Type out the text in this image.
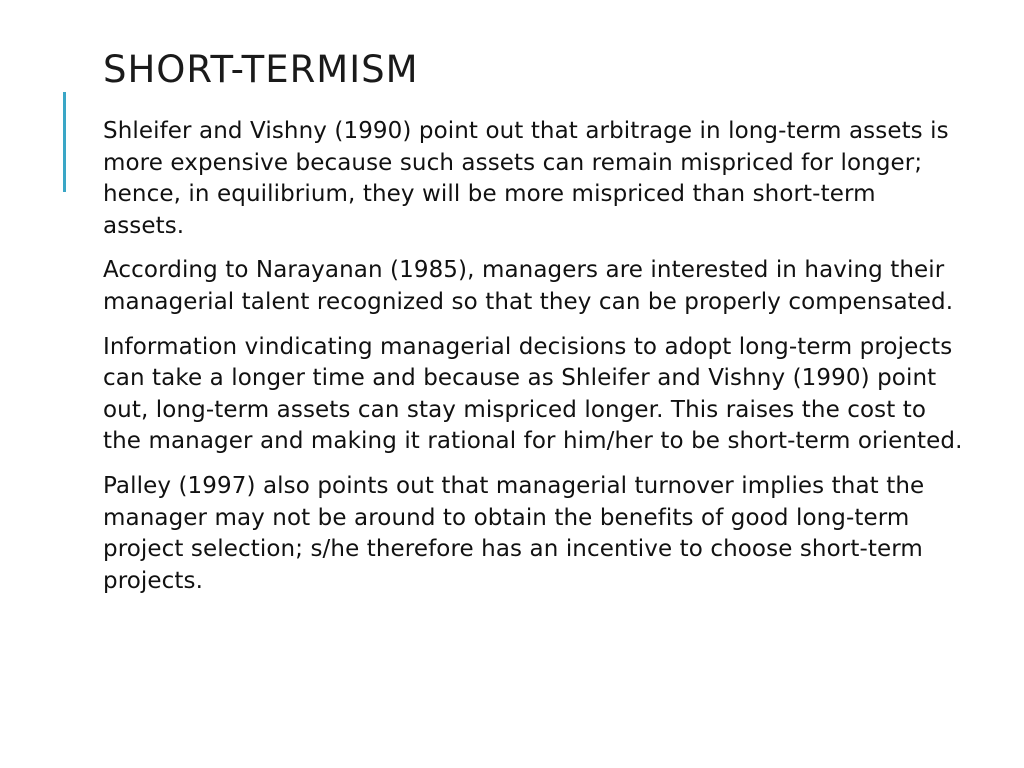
SHORT-TERMISM

Shleifer and Vishny (1990) point out that arbitrage in long-term assets is more expensive because such assets can remain mispriced for longer; hence, in equilibrium, they will be more mispriced than short-term assets.

According to Narayanan (1985), managers are interested in having their managerial talent recognized so that they can be properly compensated.

Information vindicating managerial decisions to adopt long-term projects can take a longer time and because as Shleifer and Vishny (1990) point out, long-term assets can stay mispriced longer. This raises the cost to the manager and making it rational for him/her to be short-term oriented.

Palley (1997) also points out that managerial turnover implies that the manager may not be around to obtain the benefits of good long-term project selection; s/he therefore has an incentive to choose short-term projects.
